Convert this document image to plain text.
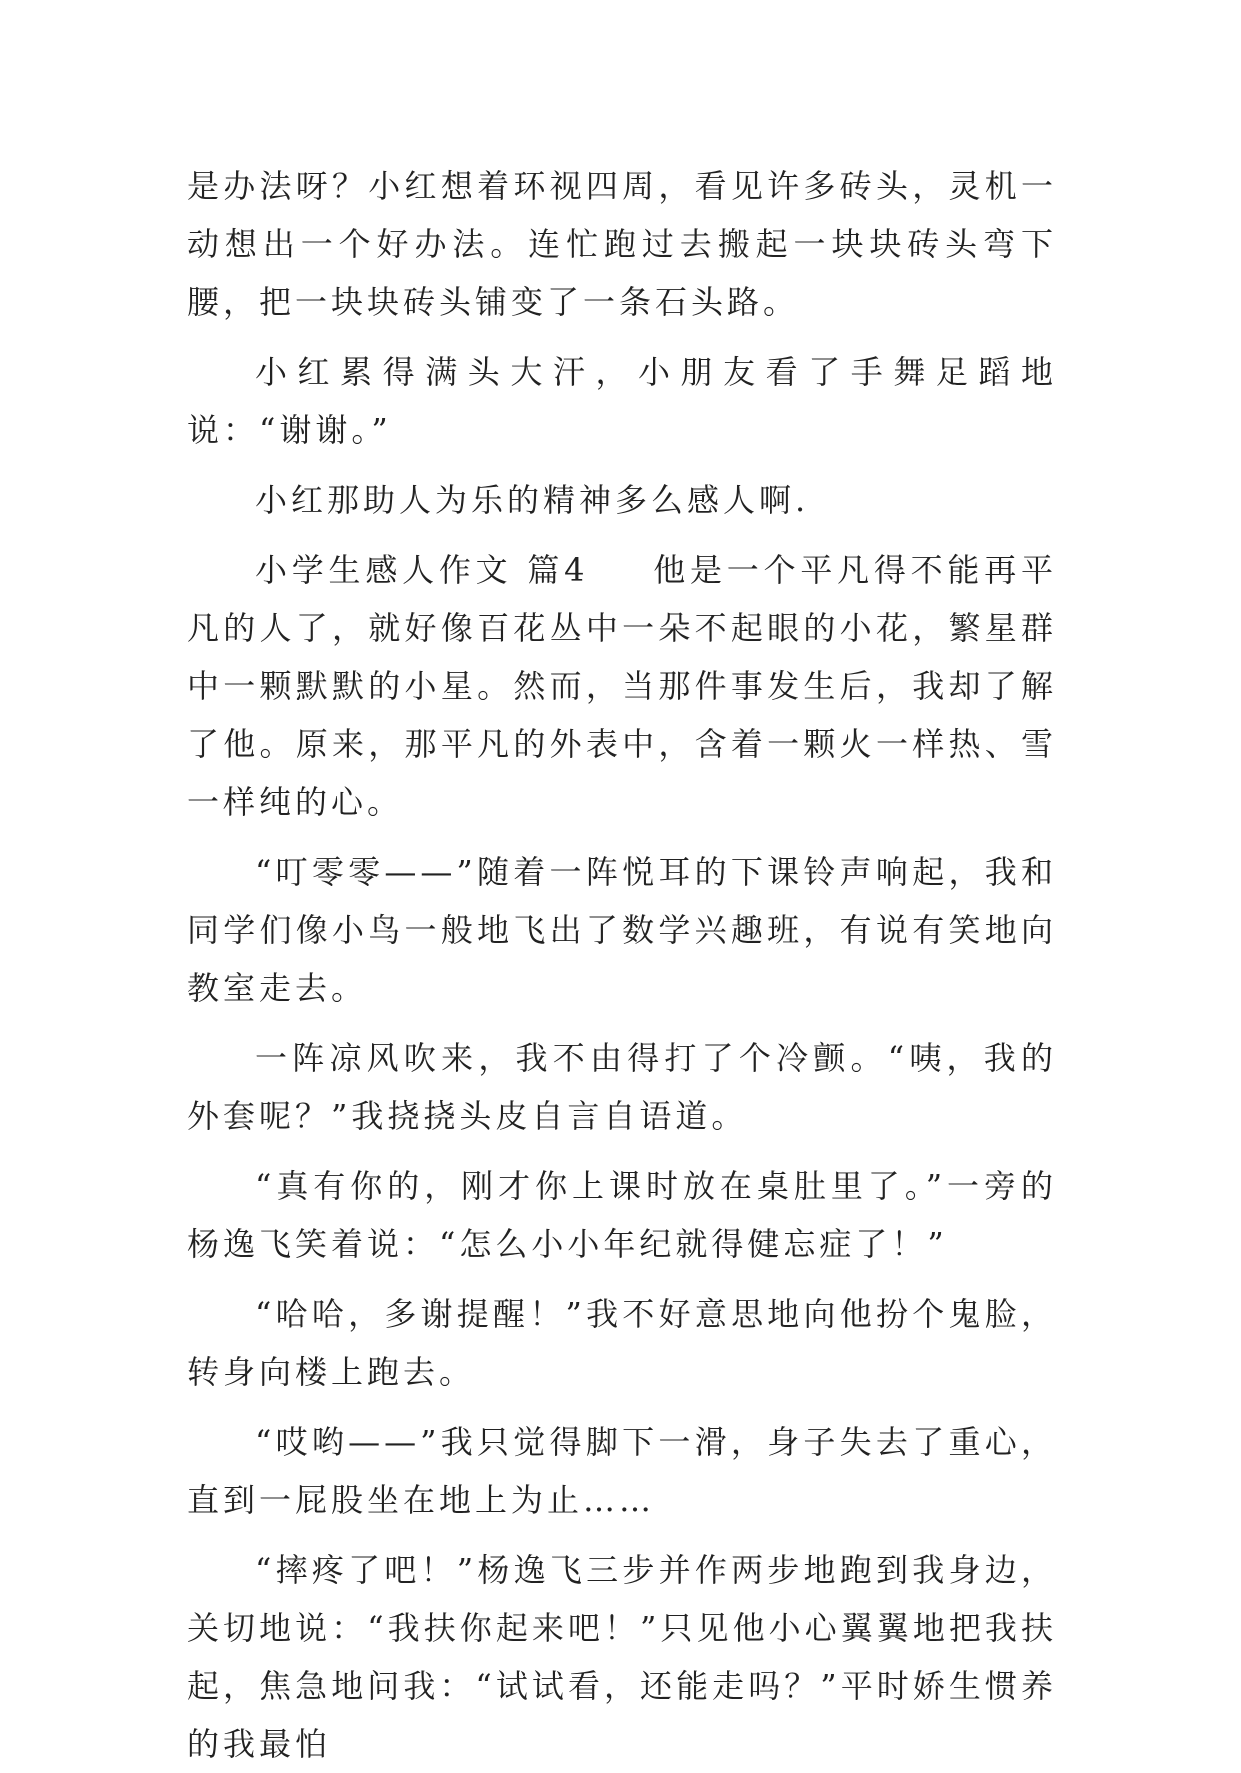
是办法呀？小红想着环视四周，看见许多砖头，灵机一动想出一个好办法。连忙跑过去搬起一块块砖头弯下腰，把一块块砖头铺变了一条石头路。

小红累得满头大汗，小朋友看了手舞足蹈地说：“谢谢。”

小红那助人为乐的精神多么感人啊.

小学生感人作文 篇4 他是一个平凡得不能再平凡的人了，就好像百花丛中一朵不起眼的小花，繁星群中一颗默默的小星。然而，当那件事发生后，我却了解了他。原来，那平凡的外表中，含着一颗火一样热、雪一样纯的心。

“叮零零——”随着一阵悦耳的下课铃声响起，我和同学们像小鸟一般地飞出了数学兴趣班，有说有笑地向教室走去。

一阵凉风吹来，我不由得打了个冷颤。“咦，我的外套呢？”我挠挠头皮自言自语道。

“真有你的，刚才你上课时放在桌肚里了。”一旁的杨逸飞笑着说：“怎么小小年纪就得健忘症了！”

“哈哈，多谢提醒！”我不好意思地向他扮个鬼脸，转身向楼上跑去。

“哎哟——”我只觉得脚下一滑，身子失去了重心，直到一屁股坐在地上为止……

“摔疼了吧！”杨逸飞三步并作两步地跑到我身边，关切地说：“我扶你起来吧！”只见他小心翼翼地把我扶起，焦急地问我：“试试看，还能走吗？”平时娇生惯养的我最怕
